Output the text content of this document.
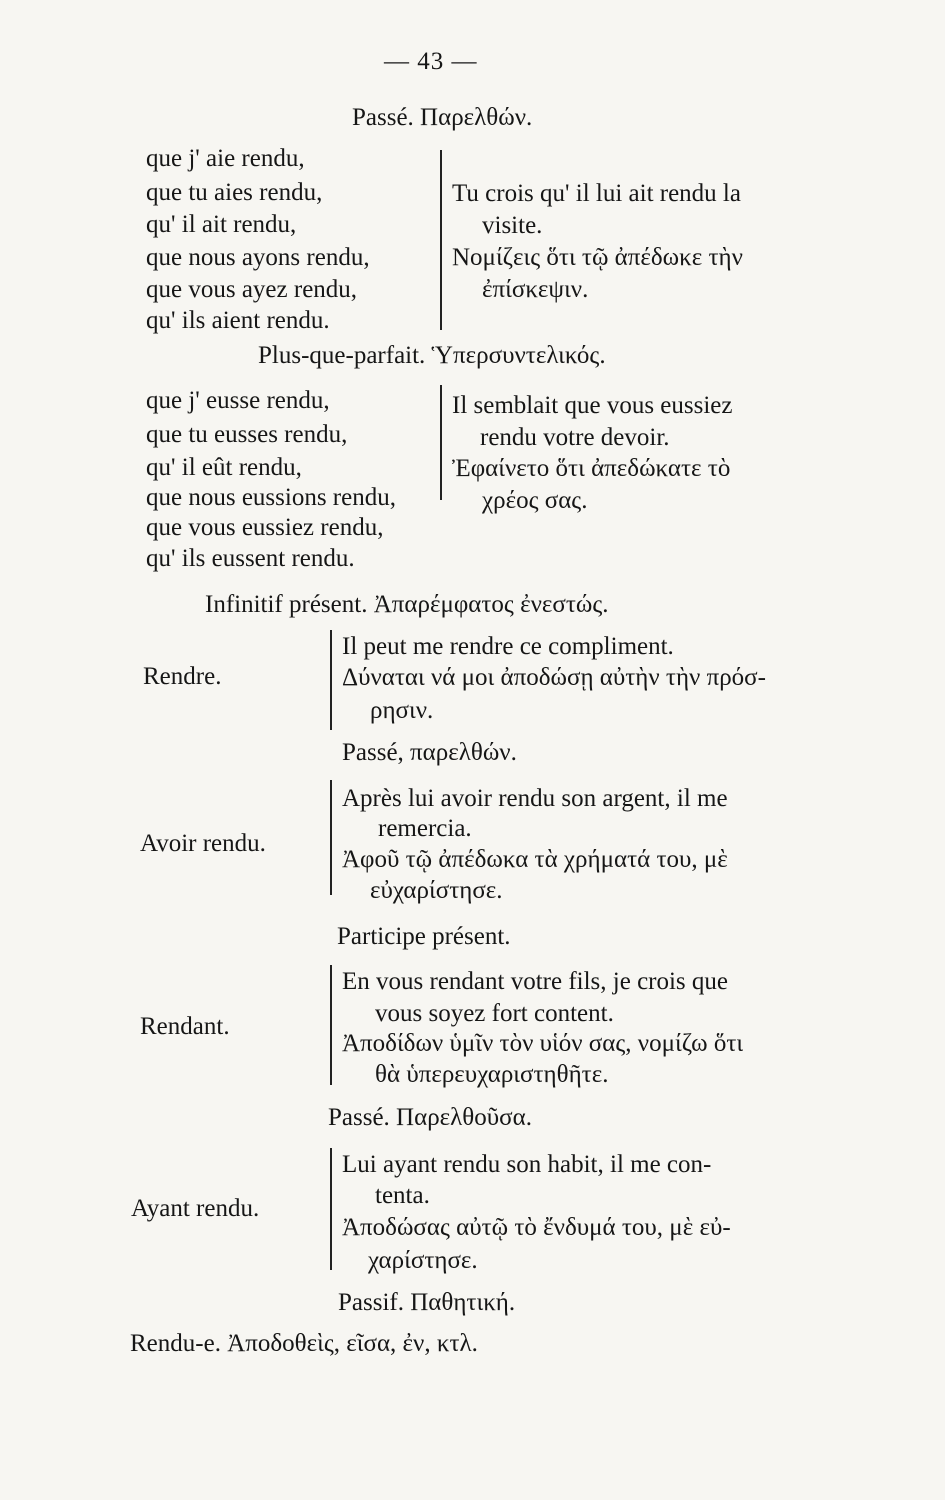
— 43 —
Passé. Παρελθών.
que j' aie rendu,
que tu aies rendu,
qu' il ait rendu,
que nous ayons rendu,
que vous ayez rendu,
qu' ils aient rendu.
Tu crois qu' il lui ait rendu la
visite.
Νομίζεις ὅτι τῷ ἀπέδωκε τὴν
ἐπίσκεψιν.
Plus-que-parfait. Ὑπερσυντελικός.
que j' eusse rendu,
que tu eusses rendu,
qu' il eût rendu,
que nous eussions rendu,
que vous eussiez rendu,
qu' ils eussent rendu.
Il semblait que vous eussiez
rendu votre devoir.
Ἐφαίνετο ὅτι ἀπεδώκατε τὸ
χρέος σας.
Infinitif présent. Ἀπαρέμφατος ἐνεστώς.
Rendre.
Il peut me rendre ce compliment.
Δύναται νά μοι ἀποδώσῃ αὐτὴν τὴν πρόσ-
ρησιν.
Passé, παρελθών.
Avoir rendu.
Après lui avoir rendu son argent, il me
remercia.
Ἀφοῦ τῷ ἀπέδωκα τὰ χρήματά του, μὲ
εὐχαρίστησε.
Participe présent.
Rendant.
En vous rendant votre fils, je crois que
vous soyez fort content.
Ἀποδίδων ὑμῖν τὸν υἱόν σας, νομίζω ὅτι
θὰ ὑπερευχαριστηθῆτε.
Passé. Παρελθοῦσα.
Ayant rendu.
Lui ayant rendu son habit, il me con-
tenta.
Ἀποδώσας αὐτῷ τὸ ἔνδυμά του, μὲ εὐ-
χαρίστησε.
Passif. Παθητική.
Rendu-e. Ἀποδοθεὶς, εῖσα, ἐν, κτλ.
